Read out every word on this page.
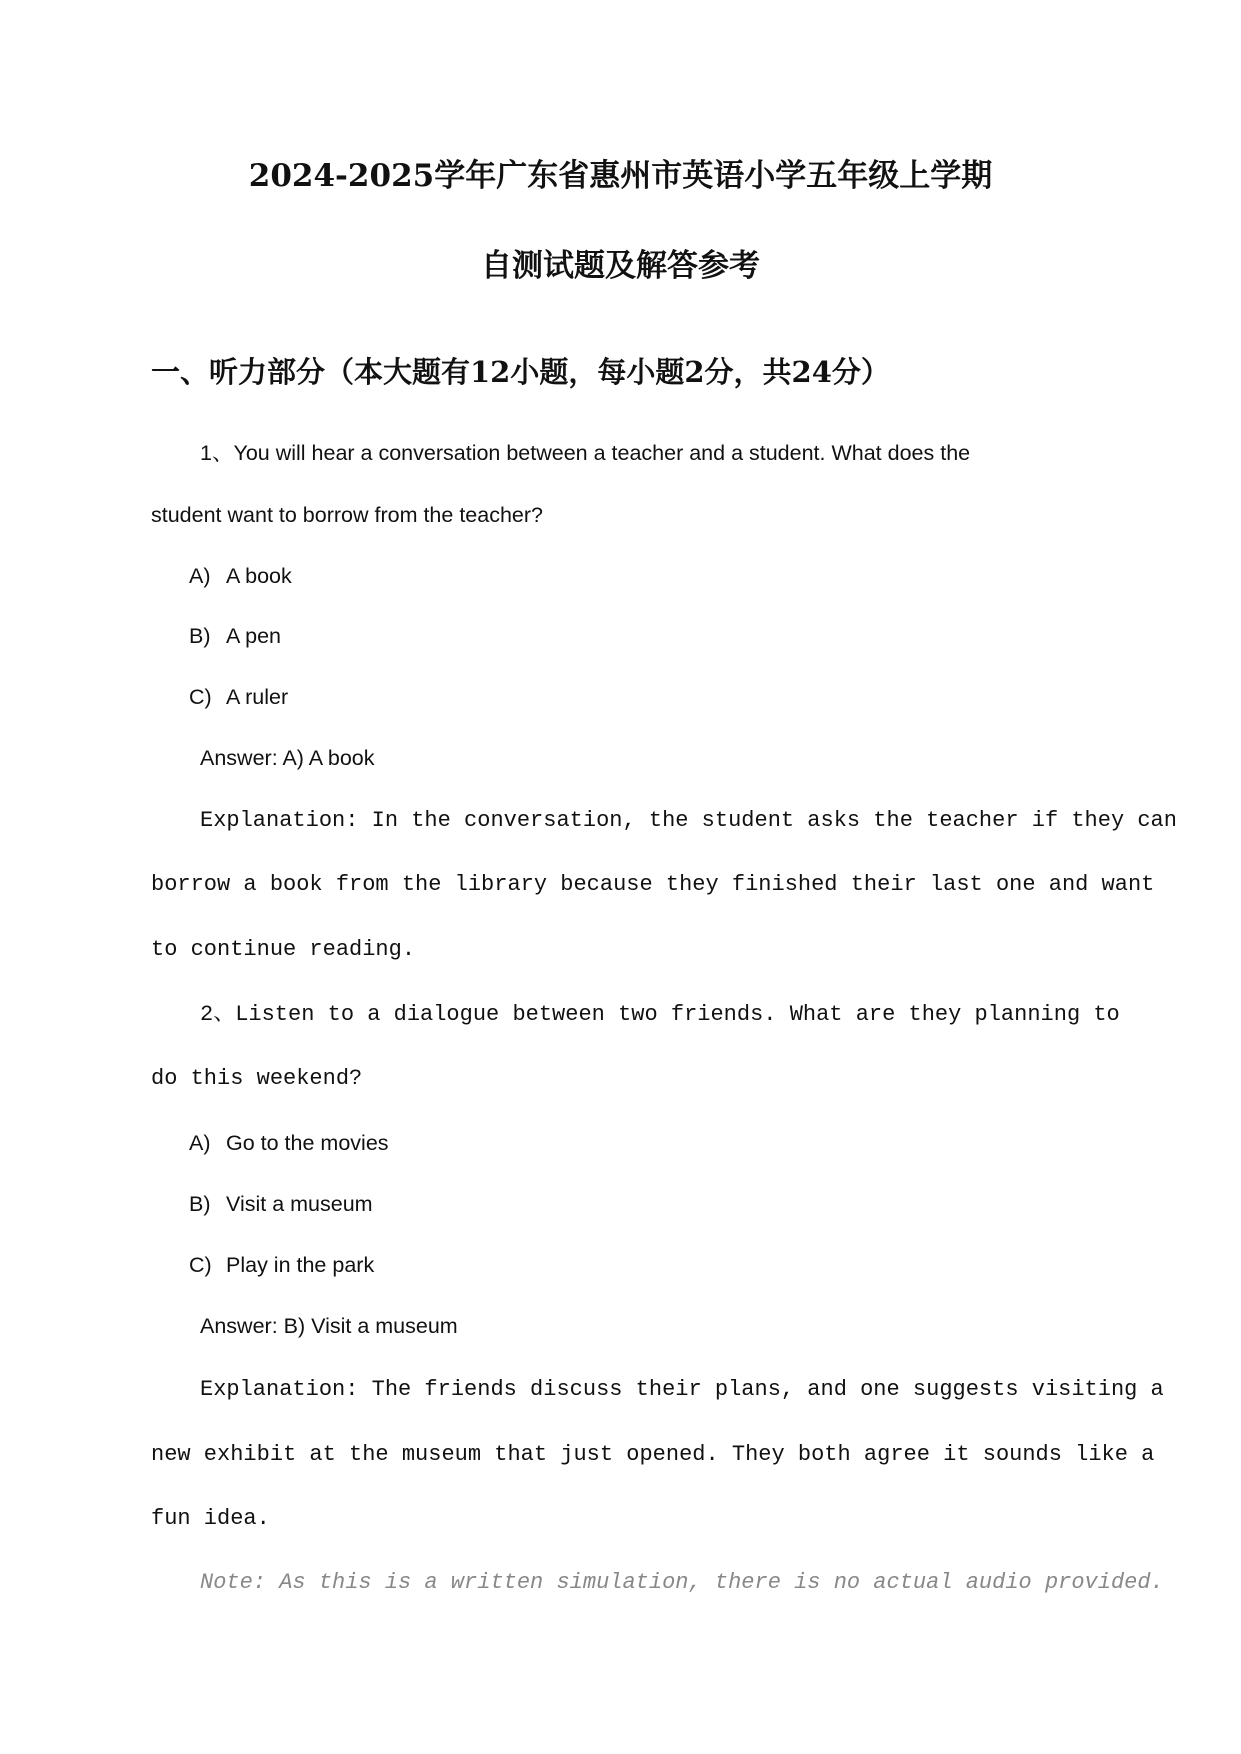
2024-2025学年广东省惠州市英语小学五年级上学期
自测试题及解答参考
一、听力部分（本大题有12小题，每小题2分，共24分）
1、You will hear a conversation between a teacher and a student. What does the
student want to borrow from the teacher?
A) A book
B) A pen
C) A ruler
Answer: A) A book
Explanation: In the conversation, the student asks the teacher if they can
borrow a book from the library because they finished their last one and want
to continue reading.
2、Listen to a dialogue between two friends. What are they planning to
do this weekend?
A) Go to the movies
B) Visit a museum
C) Play in the park
Answer: B) Visit a museum
Explanation: The friends discuss their plans, and one suggests visiting a
new exhibit at the museum that just opened. They both agree it sounds like a
fun idea.
Note: As this is a written simulation, there is no actual audio provided.
